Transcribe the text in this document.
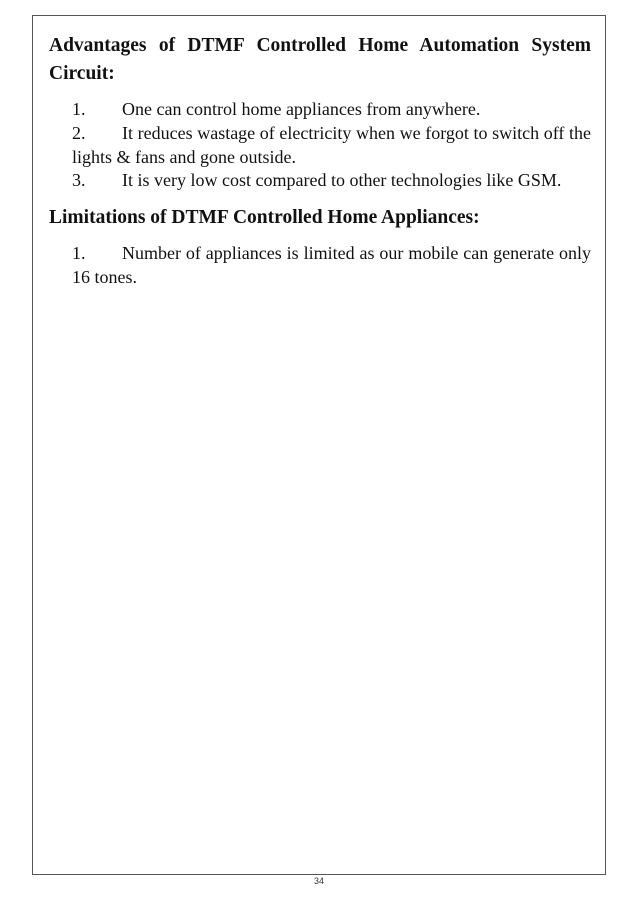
Advantages of DTMF Controlled Home Automation System Circuit:
1. One can control home appliances from anywhere.
2. It reduces wastage of electricity when we forgot to switch off the lights & fans and gone outside.
3. It is very low cost compared to other technologies like GSM.
Limitations of DTMF Controlled Home Appliances:
1. Number of appliances is limited as our mobile can generate only 16 tones.
34
